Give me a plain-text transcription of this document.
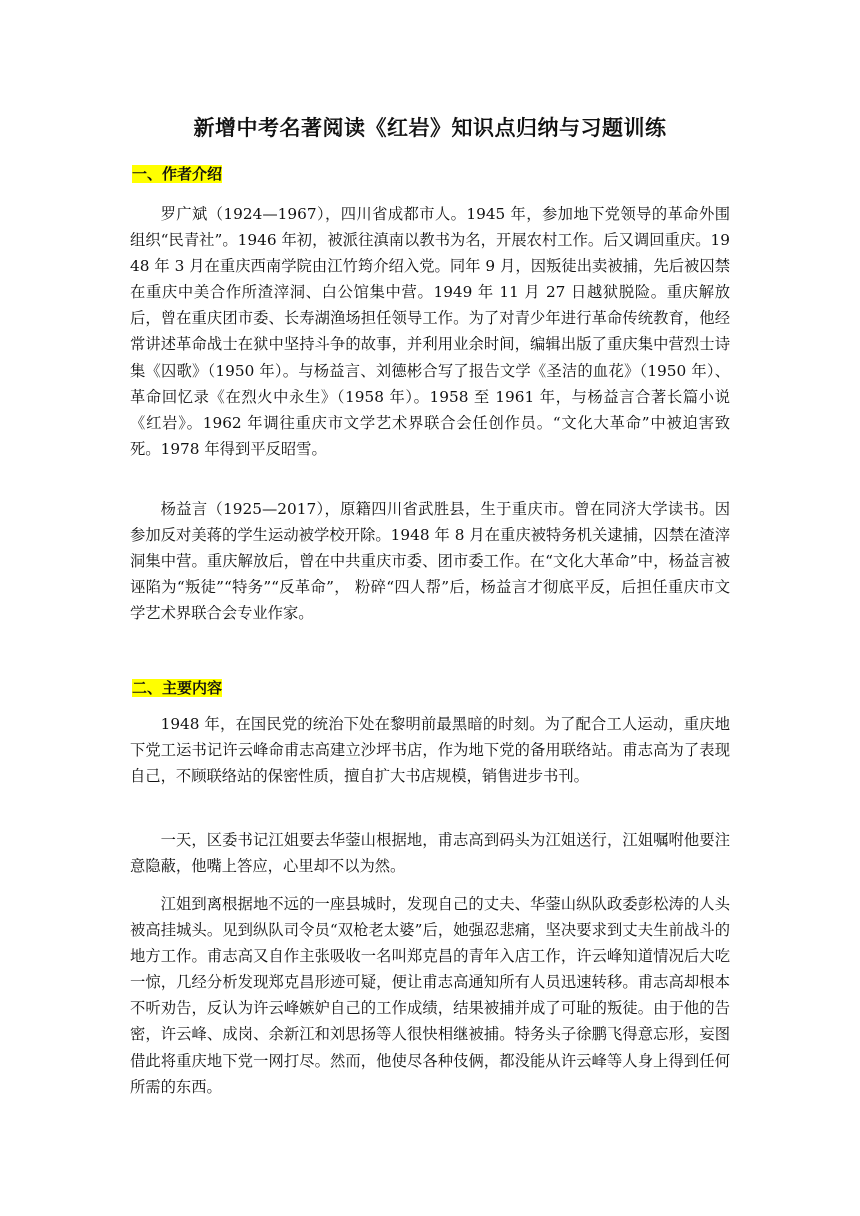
新增中考名著阅读《红岩》知识点归纳与习题训练
一、作者介绍

罗广斌（1924—1967），四川省成都市人。1945 年，参加地下党领导的革命外围组织“民青社”。1946 年初，被派往滇南以教书为名，开展农村工作。后又调回重庆。1948 年 3 月在重庆西南学院由江竹筠介绍入党。同年 9 月，因叛徒出卖被捕，先后被囚禁在重庆中美合作所渣滓洞、白公馆集中营。1949 年 11 月 27 日越狱脱险。重庆解放后，曾在重庆团市委、长寿湖渔场担任领导工作。为了对青少年进行革命传统教育，他经常讲述革命战士在狱中坚持斗争的故事，并利用业余时间，编辑出版了重庆集中营烈士诗集《囚歌》（1950 年）。与杨益言、刘德彬合写了报告文学《圣洁的血花》（1950 年）、革命回忆录《在烈火中永生》（1958 年）。1958 至 1961 年，与杨益言合著长篇小说《红岩》。1962 年调往重庆市文学艺术界联合会任创作员。“文化大革命”中被迫害致死。1978 年得到平反昭雪。

杨益言（1925—2017），原籍四川省武胜县，生于重庆市。曾在同济大学读书。因参加反对美蒋的学生运动被学校开除。1948 年 8 月在重庆被特务机关逮捕，囚禁在渣滓洞集中营。重庆解放后，曾在中共重庆市委、团市委工作。在“文化大革命”中，杨益言被诬陷为“叛徒”“特务”“反革命”， 粉碎“四人帮”后，杨益言才彻底平反，后担任重庆市文学艺术界联合会专业作家。

二、主要内容

1948 年，在国民党的统治下处在黎明前最黑暗的时刻。为了配合工人运动，重庆地下党工运书记许云峰命甫志高建立沙坪书店，作为地下党的备用联络站。甫志高为了表现自己，不顾联络站的保密性质，擅自扩大书店规模，销售进步书刊。

一天，区委书记江姐要去华蓥山根据地，甫志高到码头为江姐送行，江姐嘱咐他要注意隐蔽，他嘴上答应，心里却不以为然。

江姐到离根据地不远的一座县城时，发现自己的丈夫、华蓥山纵队政委彭松涛的人头被高挂城头。见到纵队司令员“双枪老太婆”后，她强忍悲痛，坚决要求到丈夫生前战斗的地方工作。甫志高又自作主张吸收一名叫郑克昌的青年入店工作，许云峰知道情况后大吃一惊，几经分析发现郑克昌形迹可疑，便让甫志高通知所有人员迅速转移。甫志高却根本不听劝告，反认为许云峰嫉妒自己的工作成绩，结果被捕并成了可耻的叛徒。由于他的告密，许云峰、成岗、余新江和刘思扬等人很快相继被捕。特务头子徐鹏飞得意忘形，妄图借此将重庆地下党一网打尽。然而，他使尽各种伎俩，都没能从许云峰等人身上得到任何所需的东西。
